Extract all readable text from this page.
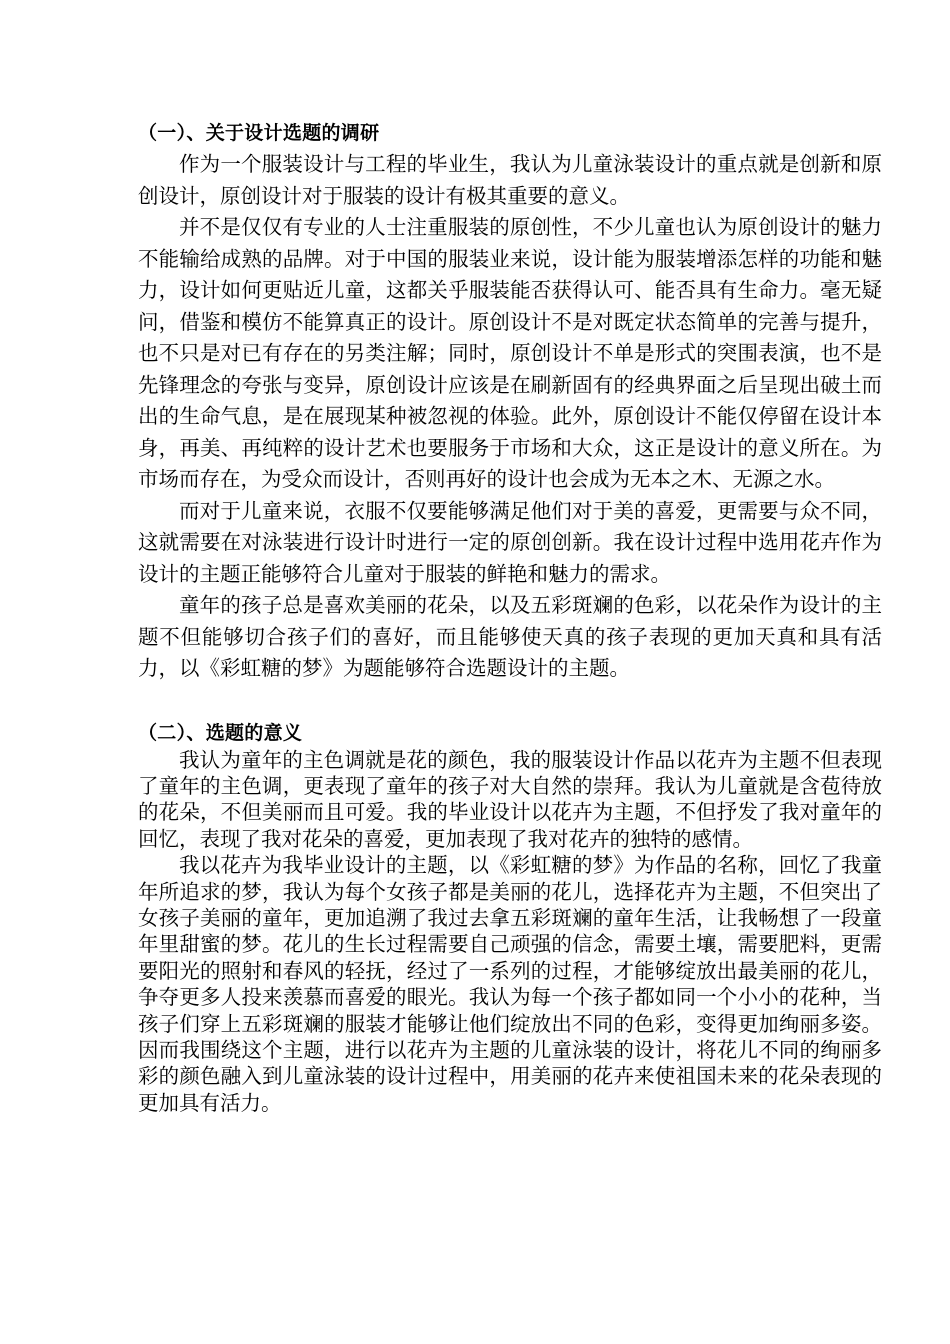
（一）、关于设计选题的调研

作为一个服装设计与工程的毕业生，我认为儿童泳装设计的重点就是创新和原创设计，原创设计对于服装的设计有极其重要的意义。

并不是仅仅有专业的人士注重服装的原创性，不少儿童也认为原创设计的魅力不能输给成熟的品牌。对于中国的服装业来说，设计能为服装增添怎样的功能和魅力，设计如何更贴近儿童，这都关乎服装能否获得认可、能否具有生命力。毫无疑问，借鉴和模仿不能算真正的设计。原创设计不是对既定状态简单的完善与提升，也不只是对已有存在的另类注解；同时，原创设计不单是形式的突围表演，也不是先锋理念的夸张与变异，原创设计应该是在刷新固有的经典界面之后呈现出破土而出的生命气息，是在展现某种被忽视的体验。此外，原创设计不能仅停留在设计本身，再美、再纯粹的设计艺术也要服务于市场和大众，这正是设计的意义所在。为市场而存在，为受众而设计，否则再好的设计也会成为无本之木、无源之水。

而对于儿童来说，衣服不仅要能够满足他们对于美的喜爱，更需要与众不同，这就需要在对泳装进行设计时进行一定的原创创新。我在设计过程中选用花卉作为设计的主题正能够符合儿童对于服装的鲜艳和魅力的需求。

童年的孩子总是喜欢美丽的花朵，以及五彩斑斓的色彩，以花朵作为设计的主题不但能够切合孩子们的喜好，而且能够使天真的孩子表现的更加天真和具有活力，以《彩虹糖的梦》为题能够符合选题设计的主题。

（二）、选题的意义

我认为童年的主色调就是花的颜色，我的服装设计作品以花卉为主题不但表现了童年的主色调，更表现了童年的孩子对大自然的崇拜。我认为儿童就是含苞待放的花朵，不但美丽而且可爱。我的毕业设计以花卉为主题，不但抒发了我对童年的回忆，表现了我对花朵的喜爱，更加表现了我对花卉的独特的感情。

我以花卉为我毕业设计的主题，以《彩虹糖的梦》为作品的名称，回忆了我童年所追求的梦，我认为每个女孩子都是美丽的花儿，选择花卉为主题，不但突出了女孩子美丽的童年，更加追溯了我过去拿五彩斑斓的童年生活，让我畅想了一段童年里甜蜜的梦。花儿的生长过程需要自己顽强的信念，需要土壤，需要肥料，更需要阳光的照射和春风的轻抚，经过了一系列的过程，才能够绽放出最美丽的花儿，争夺更多人投来羡慕而喜爱的眼光。我认为每一个孩子都如同一个小小的花种，当孩子们穿上五彩斑斓的服装才能够让他们绽放出不同的色彩，变得更加绚丽多姿。因而我围绕这个主题，进行以花卉为主题的儿童泳装的设计，将花儿不同的绚丽多彩的颜色融入到儿童泳装的设计过程中，用美丽的花卉来使祖国未来的花朵表现的更加具有活力。
